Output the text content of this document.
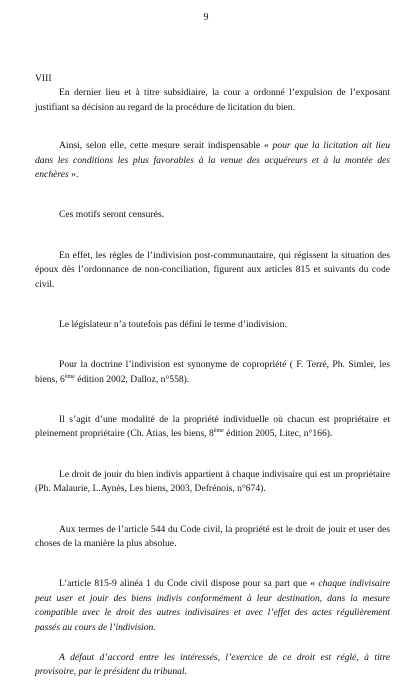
9
VIII

En dernier lieu et à titre subsidiaire, la cour a ordonné l’expulsion de l’exposant justifiant sa décision au regard de la procédure de licitation du bien.

Ainsi, selon elle, cette mesure serait indispensable « pour que la licitation ait lieu dans les conditions les plus favorables à la venue des acquéreurs et à la montée des enchères ».

Ces motifs seront censurés.

En effet, les règles de l’indivision post-communautaire, qui régissent la situation des époux dès l’ordonnance de non-conciliation, figurent aux articles 815 et suivants du code civil.

Le législateur n’a toutefois pas défini le terme d’indivision.

Pour la doctrine l’indivision est synonyme de copropriété ( F. Terré, Ph. Simler, les biens, 6ème édition 2002, Dalloz, n°558).

Il s’agit d’une modalité de la propriété individuelle où chacun est propriétaire et pleinement propriétaire (Ch. Atias, les biens, 8ème édition 2005, Litec, n°166).

Le droit de jouir du bien indivis appartient à chaque indivisaire qui est un propriétaire (Ph. Malaurie, L.Aynès, Les biens, 2003, Defrénois, n°674).

Aux termes de l’article 544 du Code civil, la propriété est le droit de jouir et user des choses de la manière la plus absolue.

L’article 815-9 alinéa 1 du Code civil dispose pour sa part que « chaque indivisaire peut user et jouir des biens indivis conformément à leur destination, dans la mesure compatible avec le droit des autres indivisaires et avec l’effet des actes régulièrement passés au cours de l’indivision.

A défaut d’accord entre les intéressés, l’exercice de ce droit est réglé, à titre provisoire, par le président du tribunal.
